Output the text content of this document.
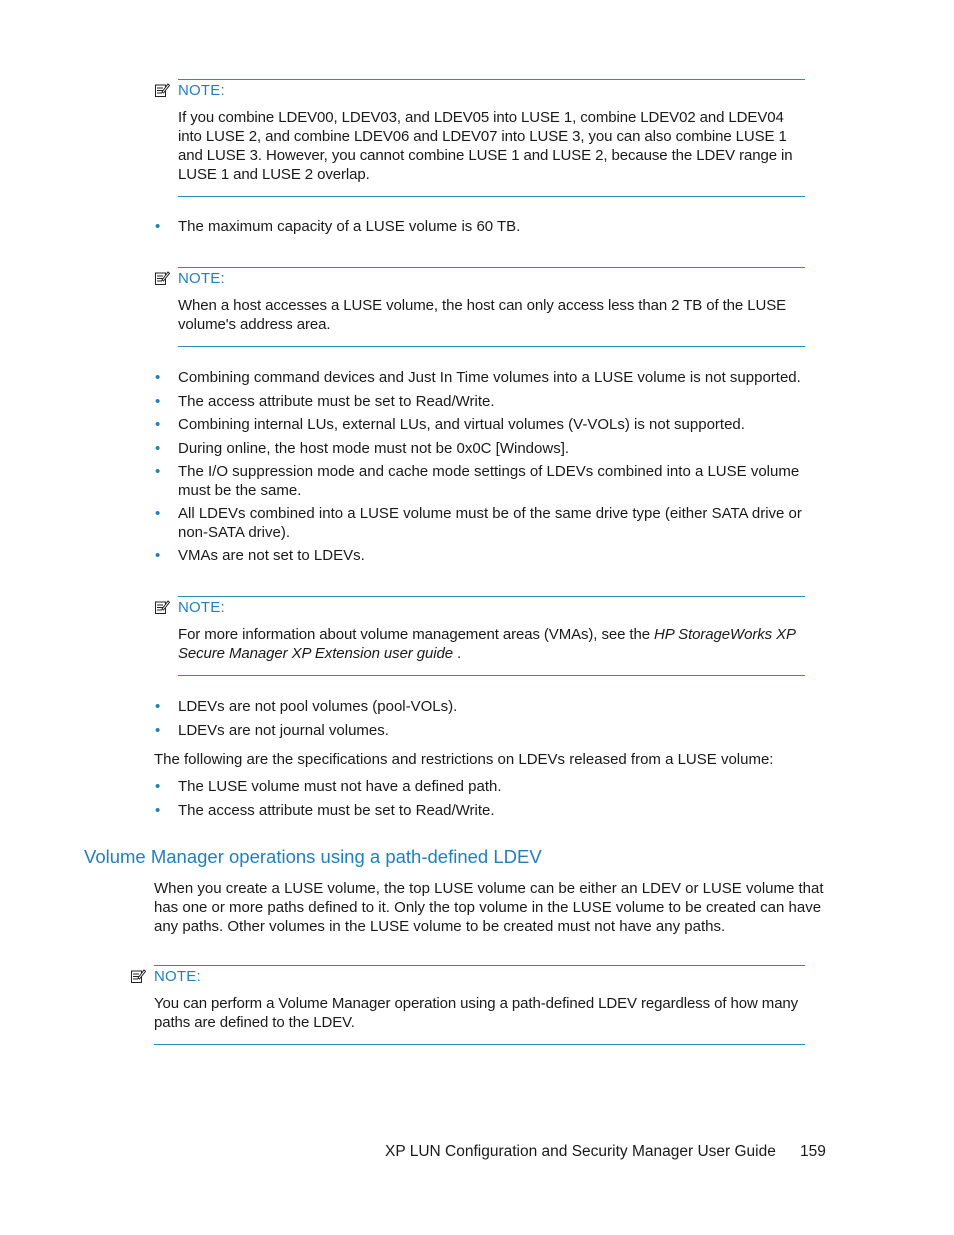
NOTE:
If you combine LDEV00, LDEV03, and LDEV05 into LUSE 1, combine LDEV02 and LDEV04 into LUSE 2, and combine LDEV06 and LDEV07 into LUSE 3, you can also combine LUSE 1 and LUSE 3. However, you cannot combine LUSE 1 and LUSE 2, because the LDEV range in LUSE 1 and LUSE 2 overlap.
• The maximum capacity of a LUSE volume is 60 TB.
NOTE:
When a host accesses a LUSE volume, the host can only access less than 2 TB of the LUSE volume's address area.
• Combining command devices and Just In Time volumes into a LUSE volume is not supported.
• The access attribute must be set to Read/Write.
• Combining internal LUs, external LUs, and virtual volumes (V-VOLs) is not supported.
• During online, the host mode must not be 0x0C [Windows].
• The I/O suppression mode and cache mode settings of LDEVs combined into a LUSE volume must be the same.
• All LDEVs combined into a LUSE volume must be of the same drive type (either SATA drive or non-SATA drive).
• VMAs are not set to LDEVs.
NOTE:
For more information about volume management areas (VMAs), see the HP StorageWorks XP Secure Manager XP Extension user guide .
• LDEVs are not pool volumes (pool-VOLs).
• LDEVs are not journal volumes.
The following are the specifications and restrictions on LDEVs released from a LUSE volume:
• The LUSE volume must not have a defined path.
• The access attribute must be set to Read/Write.
Volume Manager operations using a path-defined LDEV
When you create a LUSE volume, the top LUSE volume can be either an LDEV or LUSE volume that has one or more paths defined to it. Only the top volume in the LUSE volume to be created can have any paths. Other volumes in the LUSE volume to be created must not have any paths.
NOTE:
You can perform a Volume Manager operation using a path-defined LDEV regardless of how many paths are defined to the LDEV.
XP LUN Configuration and Security Manager User Guide 159
